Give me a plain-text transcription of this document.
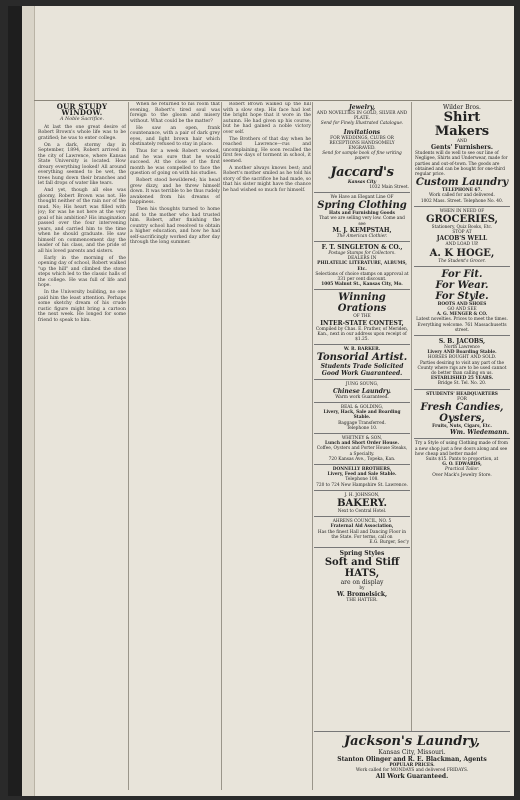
OUR STUDY WINDOW.
A Noble Sacrifice.

At last the one great desire of Robert Brown's whole life was to be gratified; he was to enter college.

On a dark, stormy day in September, 1894, Robert arrived in the city of Lawrence, where Kansas State University is located. How dreary everything looked! All around everything seemed to be wet, the trees hung down their branches and let fall drops of water like tears.

And yet, though all else was gloomy, Robert Brown was not. He thought neither of the rain nor of the mud. No; His heart was filled with joy; for was he not here at the very goal of his ambition? His imagination passed over the four intervening years, and carried him to the time when he should graduate. He saw himself on commencement day the leader of his class, and the pride of all his loved parents and sisters.

Early in the morning of the opening day of school, Robert walked "up the hill" and climbed the stone steps which led to the classic halls of the college. He was full of life and hope.

In the University building, no one paid him the least attention. Perhaps some sketchy dream of his crude rustic figure might bring a cartoon the next week. He longed for some friend to speak to him.

When he returned to his room that evening, Robert's tired soul was foreign to the gloom and misery without. What could be the matter?

He saw an open, frank countenance, with a pair of dark grey eyes, and light brown hair which obstinately refused to stay in place.

Thus for a week Robert worked, and he was sure that he would succeed. At the close of the first month he was compelled to face the question of going on with his studies.

Robert stood bewildered; his head grew dizzy, and he threw himself down. It was terrible to be thus rudely awakened from his dreams of happiness.

Then his thoughts turned to home and to the mother who had trusted him. Robert, after finishing the country school had resolved to obtain a higher education, and how he had self-sacrificingly worked day after day through the long summer.

Robert Brown walked up the hill with a slow step. His face had lost the bright hope that it wore in the autumn. He had given up his course, but he had gained a noble victory over self.

The Brothers of that day when he reached Lawrence—rus and uncomplaining, He soon recalled the first few days of torment in school, it seemed.

A mother always knows best; and Robert's mother smiled as he told his story of the sacrifice he had made, so that his sister might have the chance he had wished so much for himself.

Jewelry,
AND NOVELTIES IN GOLD, SILVER AND PLATE.
Send for Finely Illustrated Catalogue.
Invitations
FOR WEDDINGS, CLUBS OR RECEPTIONS HANDSOMELY ENGRAVED.
Send for sample book of fine writing papers
Jaccard's
Kansas City
1032 Main Street.
We Have an Elegant Line OF
Spring Clothing
Hats and Furnishing Goods
That we are selling very low. Come and see
M. J. KEMPSTAH,
The American Clothier.
F. T. SINGLETON & CO.,
Postage Stamps for Collectors.
DEALERS IN
PHILATELIC LITERATURE, ALBUMS, Etc.
Selections of choice stamps on approval at 331 per cent discount.
1005 Walnut St., Kansas City, Mo.
Winning Orations
OF THE
INTER-STATE CONTEST,
Compiled by Chas. E. Prather, of Meriden, Kan., next in our address upon receipt of $1.25.
W. R. BARKER.
Tonsorial Artist.
Students Trade Solicited
Good Work Guaranteed.
JUNG SOUNG,
Chinese Laundry.
Warm work Guaranteed.
BEAL & GOLDING,
Livery, Hack, Sale and Boarding Stable.
Baggage Transferred.
Telephone 10.
WHITNEY & SON,
Lunch and Short Order House.
Coffee, Oysters and Porter House Steaks, a Specialty.
720 Kansas Ave., Topeka, Kan.
DONNELLY BROTHERS,
Livery, Feed and Sale Stable.
Telephone 108.
720 to 724 New Hampshire St. Lawrence.
J. H. JOHNSON,
BAKERY.
Next to Central Hotel.
AHRENS COUNCIL, NO. 5
Fraternal Aid Association,
Has the finest Hall and Dancing Floor in the State. For terms, call on
E.G. Burger, Sec'y
Spring Styles
Soft and Stiff
HATS,
are on display
by
W. Bromelsick,
THE HATTER.
Wilder Bros.
Shirt Makers
AND
Gents' Furnishers.
Students will do well to see our line of Negligee, Shirts and Underwear, made for parties and out-of-town. The goods are obtained and can be bought for one-third regular price.
Custom Laundry
TELEPHONE 67.
Work called for and delivered.
1002 Mass. Street. Telephone No. 40.
WHEN IN NEED OF
GROCERIES,
Stationery, Quiz Books, Etc.
STOP AT
JACOB'S WELL
AND LOAD UP.
A. K HOGE,
The Student's Grocer.
For Fit.
For Wear.
For Style.
BOOTS AND SHOES
GO AND SEE
A. G. MENGER & CO.
Latest novelties. Prices to meet the times. Everything welcome. 761 Massachusetts street.
S. B. JACOBS,
North Lawrence
Livery AND Boarding Stable.
HORSES BOUGHT AND SOLD.
Parties desiring to visit any part of the County where rigs are to be used cannot do better than calling on us.
ESTABLISHED 25 YEARS.
Bridge St. Tel. No. 20.
STUDENTS' HEADQUARTERS
FOR
Fresh Candies, Oysters,
Fruits, Nuts, Cigars, Etc.
Wm. Wiedemann.
Try a Style of using Clothing made of from a new shop just a few doors along and see how cheap and better made!
Suits $15. Pants to proportion, at
G. O. EDWARDS,
Practical Tailor.
Over Mack's Jewelry Store.
Jackson's Laundry,
Kansas City, Missouri.
Stanton Olinger and R. E. Blackman, Agents
POPULAR PRICES.
Work called for MONDAYS and delivered FRIDAYS.
All Work Guaranteed.
